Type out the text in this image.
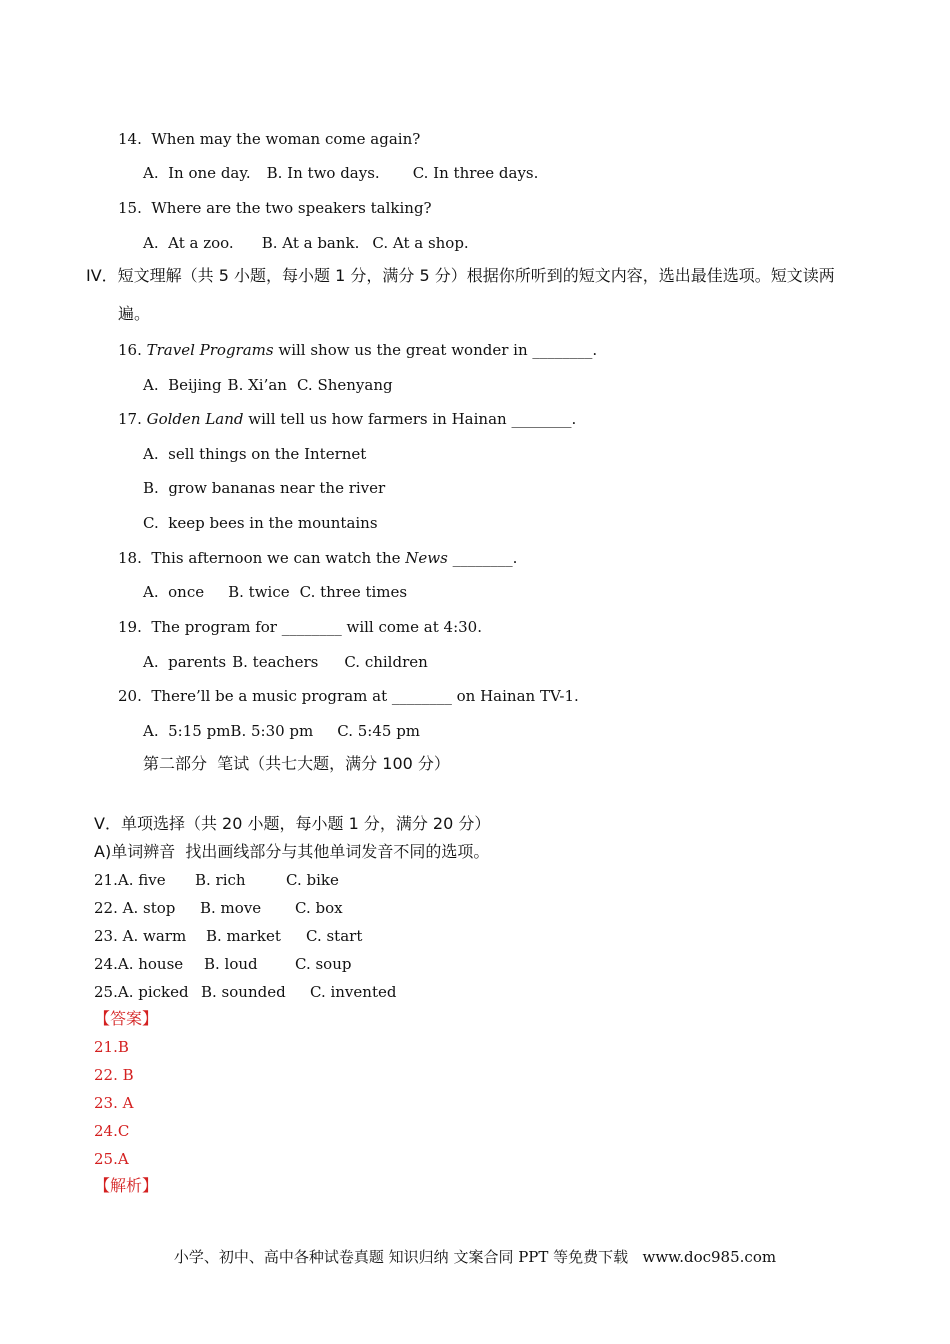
14.  When may the woman come again?
A.  In one day. B. In two days. C. In three days.
15.  Where are the two speakers talking?
A.  At a zoo. B. At a bank. C. At a shop.
IV．短文理解（共 5 小题，每小题 1 分，满分 5 分）根据你所听到的短文内容，选出最佳选项。短文读两
遍。
16. Travel Programs will show us the great wonder in ________.
A.  Beijing B. Xi’an C. Shenyang
17. Golden Land will tell us how farmers in Hainan ________.
A.  sell things on the Internet
B.  grow bananas near the river
C.  keep bees in the mountains
18.  This afternoon we can watch the News ________.
A.  once B. twice C. three times
19.  The program for ________ will come at 4:30.
A.  parents B. teachers C. children
20.  There’ll be a music program at ________ on Hainan TV-1.
A.  5:15 pmB. 5:30 pm C. 5:45 pm
第二部分  笔试（共七大题，满分 100 分）
V．单项选择（共 20 小题，每小题 1 分，满分 20 分）
A)单词辨音  找出画线部分与其他单词发音不同的选项。
21.A. five B. rich	C. bike
22. A. stop B. move C. box
23. A. warm B. market C. start
24.A. house B. loud C. soup
25.A. picked B. sounded C. invented
【答案】
21.B
22. B
23. A
24.C
25.A
【解析】
小学、初中、高中各种试卷真题 知识归纳 文案合同 PPT 等免费下载   www.doc985.com
